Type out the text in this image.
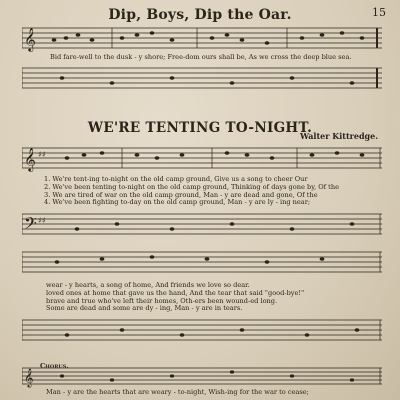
15
Dip, Boys, Dip the Oar.
𝄞
Bid fare-well to the dusk - y shore; Free-dom ours shall be, As we cross the deep blue sea.
WE'RE TENTING TO-NIGHT.
Walter Kittredge.
𝄞 ♯♯
1. We're tent-ing to-night on the old camp ground, Give us a song to cheer Our
2. We've been tenting to-night on the old camp ground, Thinking of days gone by, Of the
3. We are tired of war on the old camp ground, Man - y are dead and gone, Of the
4. We've been fighting to-day on the old camp ground, Man - y are ly - ing near;
𝄢 ♯♯
wear - y hearts, a song of home, And friends we love so dear.
loved ones at home that gave us the hand, And the tear that said "good-bye!"
brave and true who've left their homes, Oth-ers been wound-ed long.
Some are dead and some are dy - ing, Man - y are in tears.
Chorus.
𝄞
Man - y are the hearts that are weary - to-night, Wish-ing for the war to cease;
